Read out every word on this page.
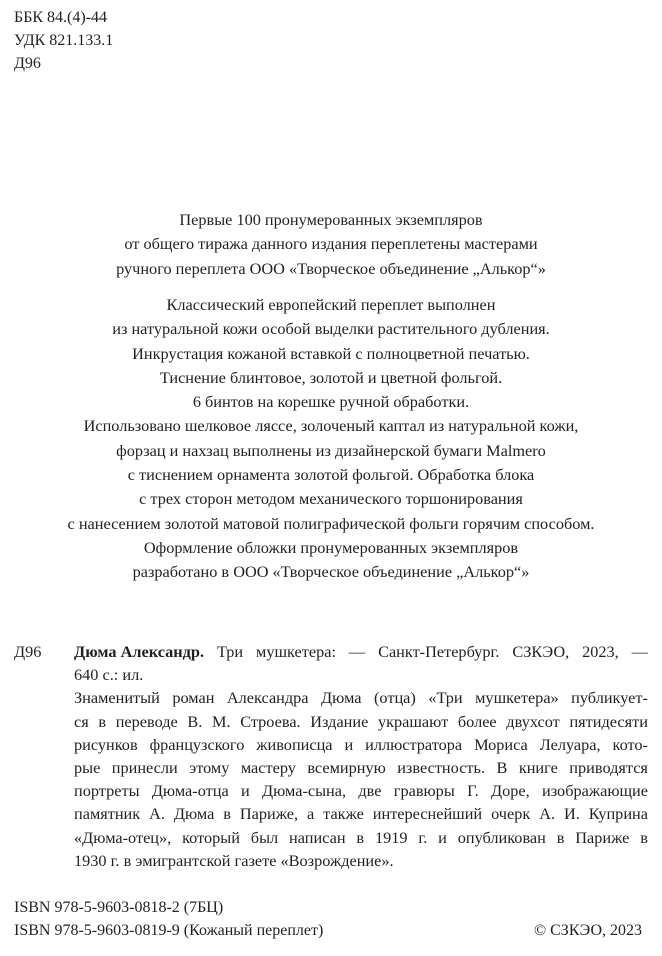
ББК 84.(4)-44
УДК 821.133.1
Д96
Первые 100 пронумерованных экземпляров
от общего тиража данного издания переплетены мастерами
ручного переплета ООО «Творческое объединение „Алькор“»
Классический европейский переплет выполнен
из натуральной кожи особой выделки растительного дубления.
Инкрустация кожаной вставкой с полноцветной печатью.
Тиснение блинтовое, золотой и цветной фольгой.
6 бинтов на корешке ручной обработки.
Использовано шелковое ляссе, золоченый каптал из натуральной кожи,
форзац и нахзац выполнены из дизайнерской бумаги Malmero
с тиснением орнамента золотой фольгой. Обработка блока
с трех сторон методом механического торшонирования
с нанесением золотой матовой полиграфической фольги горячим способом.
Оформление обложки пронумерованных экземпляров
разработано в ООО «Творческое объединение „Алькор“»
Д96	Дюма Александр. Три мушкетера: — Санкт-Петербург. СЗКЭО, 2023, —
640 с.: ил.
Знаменитый роман Александра Дюма (отца) «Три мушкетера» публикует-
ся в переводе В. М. Строева. Издание украшают более двухсот пятидесяти
рисунков французского живописца и иллюстратора Мориса Лелуара, кото-
рые принесли этому мастеру всемирную известность. В книге приводятся
портреты Дюма-отца и Дюма-сына, две гравюры Г. Доре, изображающие
памятник А. Дюма в Париже, а также интереснейший очерк А. И. Куприна
«Дюма-отец», который был написан в 1919 г. и опубликован в Париже в
1930 г. в эмигрантской газете «Возрождение».
ISBN 978-5-9603-0818-2 (7БЦ)
ISBN 978-5-9603-0819-9 (Кожаный переплет)	© СЗКЭО, 2023
